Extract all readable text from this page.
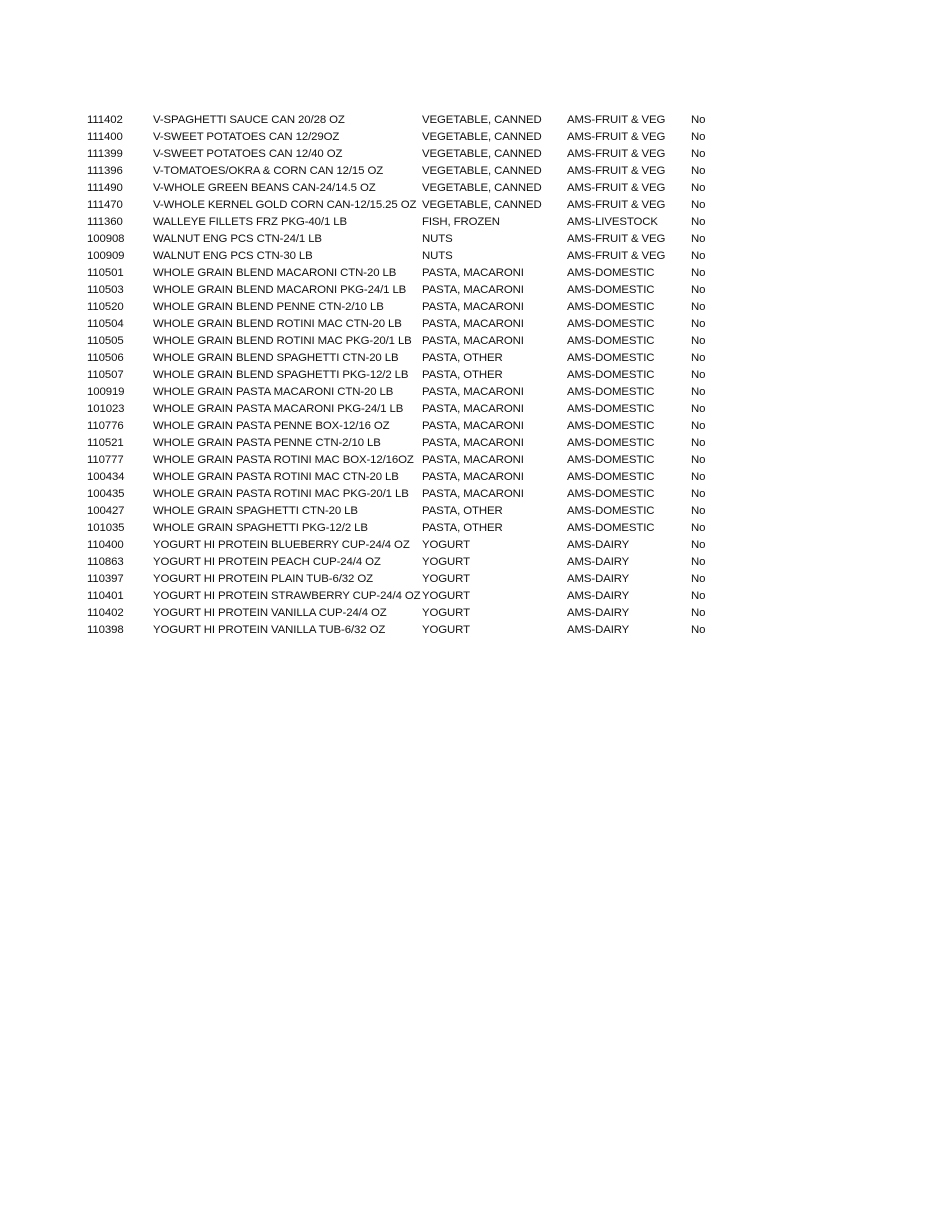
111402	V-SPAGHETTI SAUCE CAN 20/28 OZ	VEGETABLE, CANNED	AMS-FRUIT & VEG	No
111400	V-SWEET POTATOES CAN 12/29OZ	VEGETABLE, CANNED	AMS-FRUIT & VEG	No
111399	V-SWEET POTATOES CAN 12/40 OZ	VEGETABLE, CANNED	AMS-FRUIT & VEG	No
111396	V-TOMATOES/OKRA & CORN CAN 12/15 OZ	VEGETABLE, CANNED	AMS-FRUIT & VEG	No
111490	V-WHOLE GREEN BEANS CAN-24/14.5 OZ	VEGETABLE, CANNED	AMS-FRUIT & VEG	No
111470	V-WHOLE KERNEL GOLD CORN CAN-12/15.25 OZ	VEGETABLE, CANNED	AMS-FRUIT & VEG	No
111360	WALLEYE FILLETS FRZ PKG-40/1 LB	FISH, FROZEN	AMS-LIVESTOCK	No
100908	WALNUT ENG PCS CTN-24/1 LB	NUTS	AMS-FRUIT & VEG	No
100909	WALNUT ENG PCS CTN-30 LB	NUTS	AMS-FRUIT & VEG	No
110501	WHOLE GRAIN BLEND MACARONI CTN-20 LB	PASTA, MACARONI	AMS-DOMESTIC	No
110503	WHOLE GRAIN BLEND MACARONI PKG-24/1 LB	PASTA, MACARONI	AMS-DOMESTIC	No
110520	WHOLE GRAIN BLEND PENNE CTN-2/10 LB	PASTA, MACARONI	AMS-DOMESTIC	No
110504	WHOLE GRAIN BLEND ROTINI MAC CTN-20 LB	PASTA, MACARONI	AMS-DOMESTIC	No
110505	WHOLE GRAIN BLEND ROTINI MAC PKG-20/1 LB	PASTA, MACARONI	AMS-DOMESTIC	No
110506	WHOLE GRAIN BLEND SPAGHETTI CTN-20 LB	PASTA, OTHER	AMS-DOMESTIC	No
110507	WHOLE GRAIN BLEND SPAGHETTI PKG-12/2 LB	PASTA, OTHER	AMS-DOMESTIC	No
100919	WHOLE GRAIN PASTA MACARONI CTN-20 LB	PASTA, MACARONI	AMS-DOMESTIC	No
101023	WHOLE GRAIN PASTA MACARONI PKG-24/1 LB	PASTA, MACARONI	AMS-DOMESTIC	No
110776	WHOLE GRAIN PASTA PENNE BOX-12/16 OZ	PASTA, MACARONI	AMS-DOMESTIC	No
110521	WHOLE GRAIN PASTA PENNE CTN-2/10 LB	PASTA, MACARONI	AMS-DOMESTIC	No
110777	WHOLE GRAIN PASTA ROTINI MAC BOX-12/16OZ	PASTA, MACARONI	AMS-DOMESTIC	No
100434	WHOLE GRAIN PASTA ROTINI MAC CTN-20 LB	PASTA, MACARONI	AMS-DOMESTIC	No
100435	WHOLE GRAIN PASTA ROTINI MAC PKG-20/1 LB	PASTA, MACARONI	AMS-DOMESTIC	No
100427	WHOLE GRAIN SPAGHETTI CTN-20 LB	PASTA, OTHER	AMS-DOMESTIC	No
101035	WHOLE GRAIN SPAGHETTI PKG-12/2 LB	PASTA, OTHER	AMS-DOMESTIC	No
110400	YOGURT HI PROTEIN BLUEBERRY CUP-24/4 OZ	YOGURT	AMS-DAIRY	No
110863	YOGURT HI PROTEIN PEACH CUP-24/4 OZ	YOGURT	AMS-DAIRY	No
110397	YOGURT HI PROTEIN PLAIN TUB-6/32 OZ	YOGURT	AMS-DAIRY	No
110401	YOGURT HI PROTEIN STRAWBERRY CUP-24/4 OZ	YOGURT	AMS-DAIRY	No
110402	YOGURT HI PROTEIN VANILLA CUP-24/4 OZ	YOGURT	AMS-DAIRY	No
110398	YOGURT HI PROTEIN VANILLA TUB-6/32 OZ	YOGURT	AMS-DAIRY	No
